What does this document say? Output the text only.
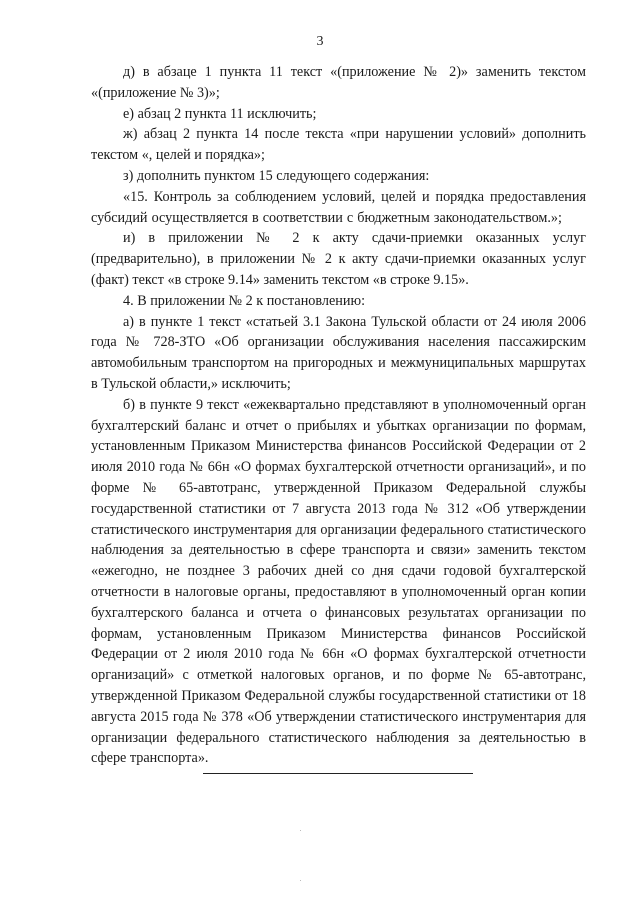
3

д) в абзаце 1 пункта 11 текст «(приложение № 2)» заменить текстом «(приложение № 3)»;

е) абзац 2 пункта 11 исключить;

ж) абзац 2 пункта 14 после текста «при нарушении условий» дополнить текстом «, целей и порядка»;

з) дополнить пунктом 15 следующего содержания:

«15. Контроль за соблюдением условий, целей и порядка предоставления субсидий осуществляется в соответствии с бюджетным законодательством.»;

и) в приложении № 2 к акту сдачи-приемки оказанных услуг (предварительно), в приложении № 2 к акту сдачи-приемки оказанных услуг (факт) текст «в строке 9.14» заменить текстом «в строке 9.15».

4. В приложении № 2 к постановлению:

а) в пункте 1 текст «статьей 3.1 Закона Тульской области от 24 июля 2006 года № 728-ЗТО «Об организации обслуживания населения пассажирским автомобильным транспортом на пригородных и межмуниципальных маршрутах в Тульской области,» исключить;

б) в пункте 9 текст «ежеквартально представляют в уполномоченный орган бухгалтерский баланс и отчет о прибылях и убытках организации по формам, установленным Приказом Министерства финансов Российской Федерации от 2 июля 2010 года № 66н «О формах бухгалтерской отчетности организаций», и по форме № 65-автотранс, утвержденной Приказом Федеральной службы государственной статистики от 7 августа 2013 года № 312 «Об утверждении статистического инструментария для организации федерального статистического наблюдения за деятельностью в сфере транспорта и связи» заменить текстом «ежегодно, не позднее 3 рабочих дней со дня сдачи годовой бухгалтерской отчетности в налоговые органы, предоставляют в уполномоченный орган копии бухгалтерского баланса и отчета о финансовых результатах организации по формам, установленным Приказом Министерства финансов Российской Федерации от 2 июля 2010 года № 66н «О формах бухгалтерской отчетности организаций» с отметкой налоговых органов, и по форме № 65-автотранс, утвержденной Приказом Федеральной службы государственной статистики от 18 августа 2015 года № 378 «Об утверждении статистического инструментария для организации федерального статистического наблюдения за деятельностью в сфере транспорта».
